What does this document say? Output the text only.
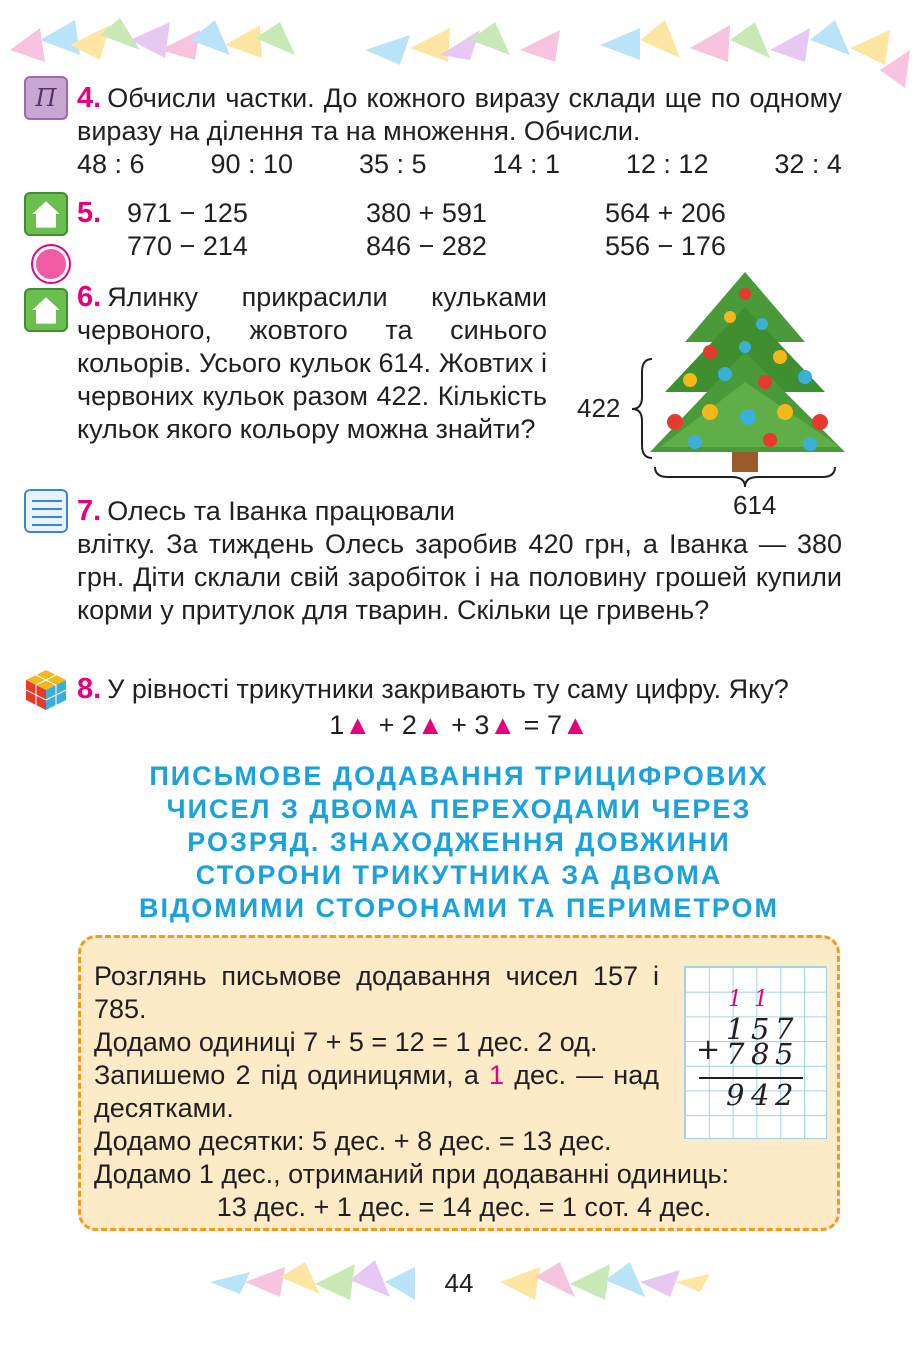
Π 4. Обчисли частки. До кожного виразу склади ще по одному виразу на ділення та на множення. Обчисли.
48 : 6 90 : 10 35 : 5 14 : 1 12 : 12 32 : 4
5. 971 − 125
770 − 214
380 + 591
846 − 282
564 + 206
556 − 176
6. Ялинку прикрасили кульками червоного, жовтого та синього кольорів. Усього кульок 614. Жовтих і червоних кульок разом 422. Кількість кульок якого кольору можна знайти?
422
614
7. Олесь та Іванка працювали
влітку. За тиждень Олесь заробив 420 грн, а Іванка — 380 грн. Діти склали свій заробіток і на половину грошей купили корми у притулок для тварин. Скільки це гривень?
8. У рівності трикутники закривають ту саму цифру. Яку?
1▲ + 2▲ + 3▲ = 7▲
ПИСЬМОВЕ ДОДАВАННЯ ТРИЦИФРОВИХ
ЧИСЕЛ З ДВОМА ПЕРЕХОДАМИ ЧЕРЕЗ
РОЗРЯД. ЗНАХОДЖЕННЯ ДОВЖИНИ
СТОРОНИ ТРИКУТНИКА ЗА ДВОМА
ВІДОМИМИ СТОРОНАМИ ТА ПЕРИМЕТРОМ
Розглянь письмове додавання чисел 157 і 785.
Додамо одиниці 7 + 5 = 12 = 1 дес. 2 од.
Запишемо 2 під одиницями, а 1 дес. — над десятками.
Додамо десятки: 5 дес. + 8 дес. = 13 дес.
Додамо 1 дес., отриманий при додаванні одиниць:
13 дес. + 1 дес. = 14 дес. = 1 сот. 4 дес.
1 1
+
1 5 7
7 8 5
9 4 2
44
